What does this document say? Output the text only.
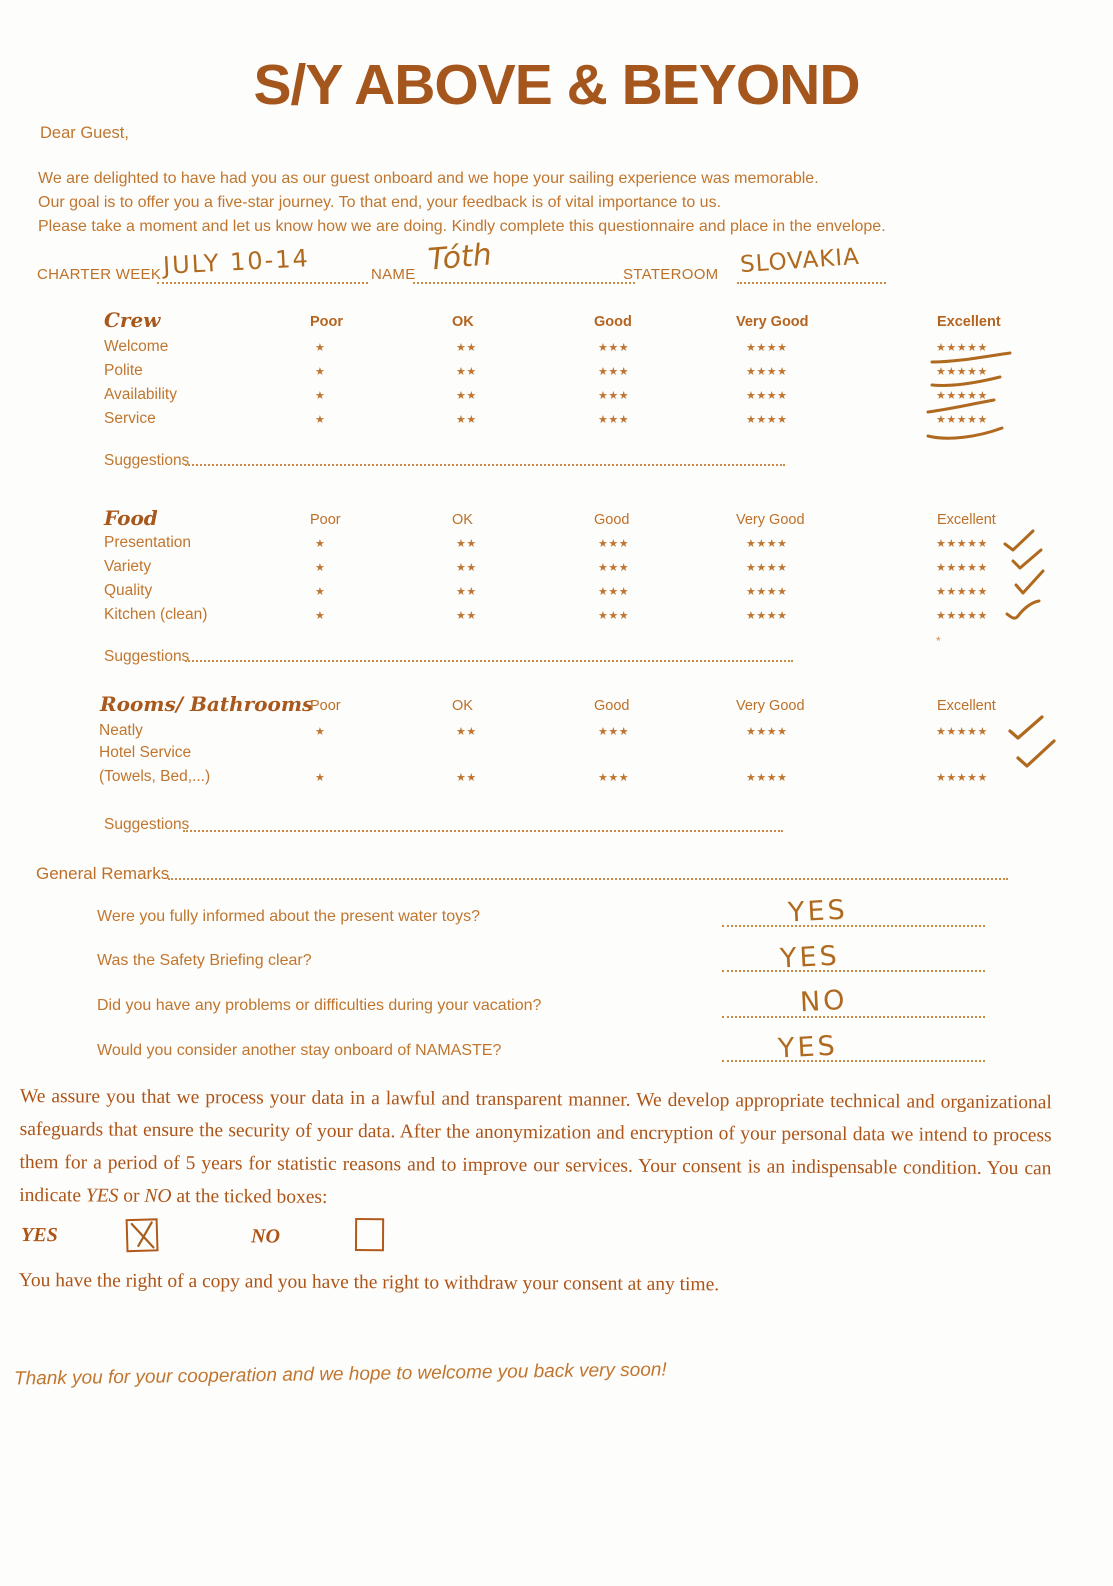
S/Y ABOVE & BEYOND
Dear Guest,
We are delighted to have had you as our guest onboard and we hope your sailing experience was memorable.
Our goal is to offer you a five-star journey. To that end, your feedback is of vital importance to us.
Please take a moment and let us know how we are doing. Kindly complete this questionnaire and place in the envelope.
CHARTER WEEK JULY 10-14	NAME Tóth	STATEROOM SLOVAKIA
Crew	Poor	OK	Good	Very Good	Excellent
Welcome	★	★★	★★★	★★★★	★★★★★
Polite	★	★★	★★★	★★★★	★★★★★
Availability	★	★★	★★★	★★★★	★★★★★
Service	★	★★	★★★	★★★★	★★★★★
Suggestions
Food	Poor	OK	Good	Very Good	Excellent
Presentation	★	★★	★★★	★★★★	★★★★★
Variety	★	★★	★★★	★★★★	★★★★★
Quality	★	★★	★★★	★★★★	★★★★★
Kitchen (clean)	★	★★	★★★	★★★★	★★★★★
*
Suggestions
Rooms/ Bathrooms
Poor	OK	Good	Very Good	Excellent
Neatly	★	★★	★★★	★★★★	★★★★★
Hotel Service
(Towels, Bed,...)	★	★★	★★★	★★★★	★★★★★
Suggestions
General Remarks
Were you fully informed about the present water toys?	YES
Was the Safety Briefing clear?	YES
Did you have any problems or difficulties during your vacation?	NO
Would you consider another stay onboard of NAMASTE?	YES

We assure you that we process your data in a lawful and transparent manner. We develop appropriate technical and organizational safeguards that ensure the security of your data. After the anonymization and encryption of your personal data we intend to process them for a period of 5 years for statistic reasons and to improve our services. Your consent is an indispensable condition. You can indicate YES or NO at the ticked boxes:

YES	NO

You have the right of a copy and you have the right to withdraw your consent at any time.

Thank you for your cooperation and we hope to welcome you back very soon!
